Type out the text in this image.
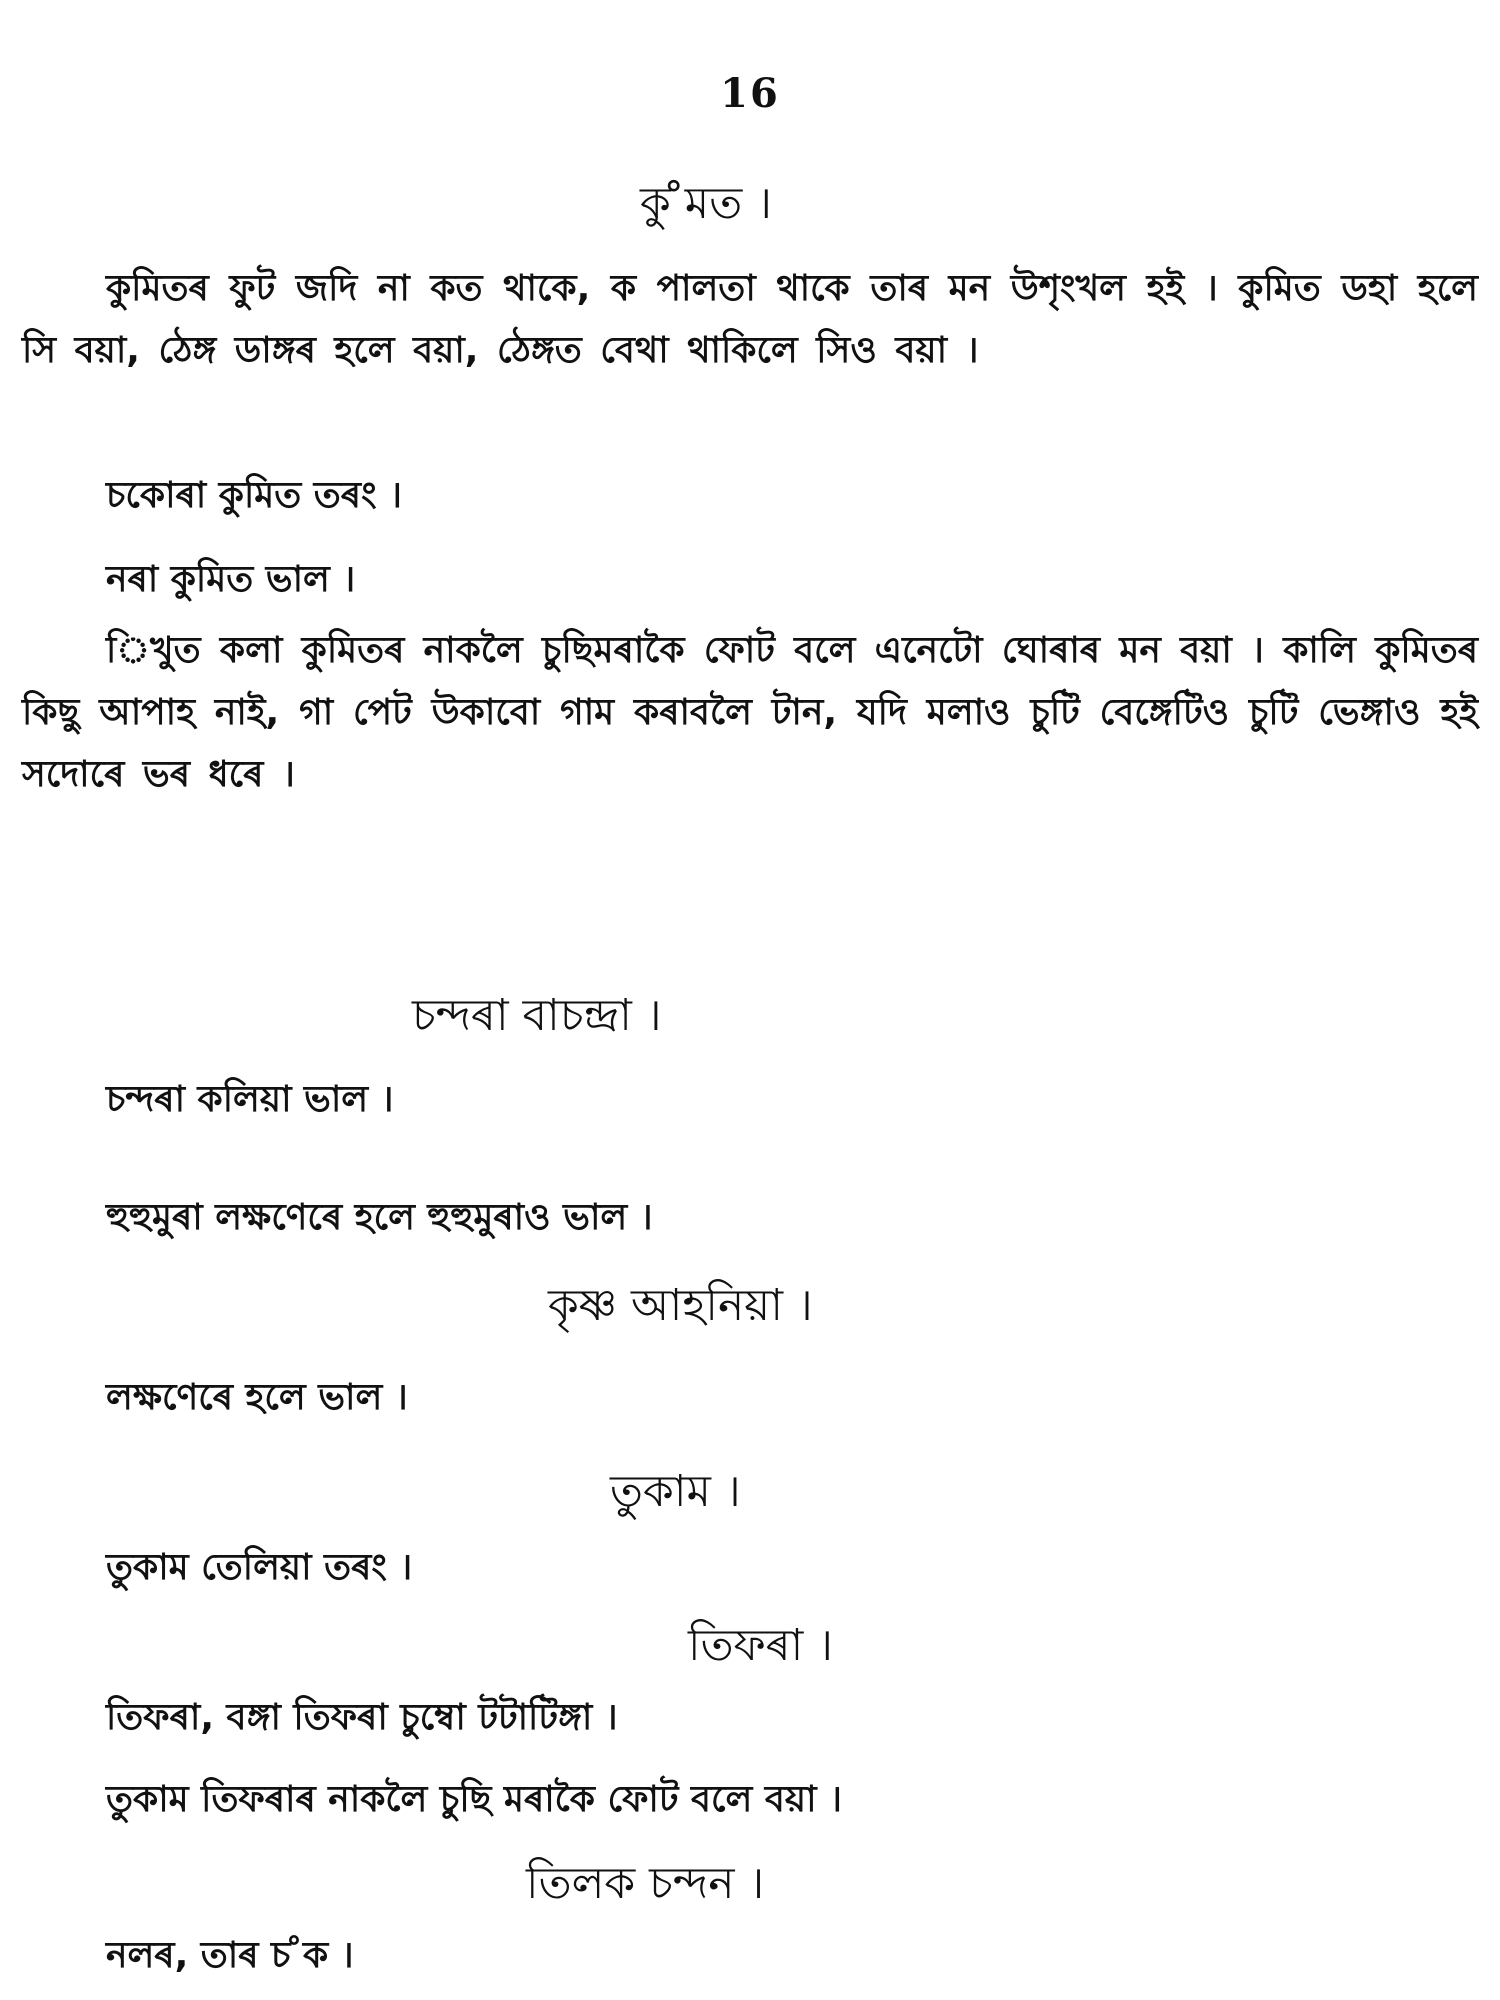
16
কু ̊মত ।
কুমিতৰ ফুট জদি না কত থাকে, ক পালতা থাকে তাৰ মন উশৃংখল হই । কুমিত ডহা হলে সি বয়া, ঠেঙ্গ ডাঙ্গৰ হলে বয়া, ঠেঙ্গত বেথা থাকিলে সিও বয়া ।
চকোৰা কুমিত তৰং ।
নৰা কুমিত ভাল ।
িখুত কলা কুমিতৰ নাকলৈ চুছিমৰাকৈ ফোট বলে এনেটো ঘোৰাৰ মন বয়া । কালি কুমিতৰ কিছু আপাহ নাই, গা পেট উকাবো গাম কৰাবলৈ টান, যদি মলাও চুটি বেঙ্গেটিও চুটি ভেঙ্গাও হই সদোৰে ভৰ ধৰে ।
চন্দৰা বাচন্দ্রা ।
চন্দৰা কলিয়া ভাল ।
হুহুমুৰা লক্ষণেৰে হলে হুহুমুৰাও ভাল ।
কৃষ্ণ আহনিয়া ।
লক্ষণেৰে হলে ভাল ।
তুকাম ।
তুকাম তেলিয়া তৰং ।
তিফৰা ।
তিফৰা, বঙ্গা তিফৰা চুম্বো টটাটিঙ্গা ।
তুকাম তিফৰাৰ নাকলৈ চুছি মৰাকৈ ফোট বলে বয়া ।
তিলক চন্দন ।
নলৰ, তাৰ চ ̊ক ।
